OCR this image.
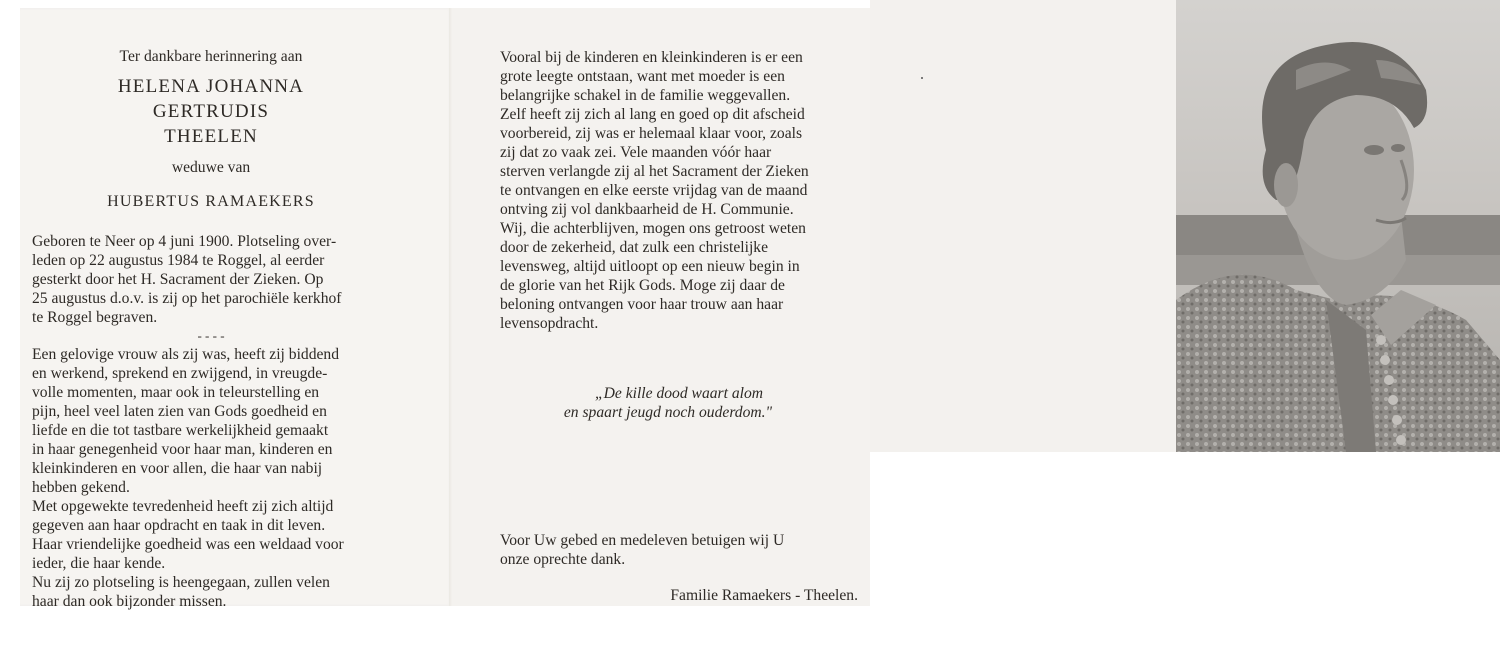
Ter dankbare herinnering aan

HELENA JOHANNA
GERTRUDIS
THEELEN

weduwe van

HUBERTUS RAMAEKERS

Geboren te Neer op 4 juni 1900. Plotseling over-

leden op 22 augustus 1984 te Roggel, al eerder

gesterkt door het H. Sacrament der Zieken. Op

25 augustus d.o.v. is zij op het parochiële kerkhof

te Roggel begraven.

- - - -

Een gelovige vrouw als zij was, heeft zij biddend

en werkend, sprekend en zwijgend, in vreugde-

volle momenten, maar ook in teleurstelling en

pijn, heel veel laten zien van Gods goedheid en

liefde en die tot tastbare werkelijkheid gemaakt

in haar genegenheid voor haar man, kinderen en

kleinkinderen en voor allen, die haar van nabij

hebben gekend.

Met opgewekte tevredenheid heeft zij zich altijd

gegeven aan haar opdracht en taak in dit leven.

Haar vriendelijke goedheid was een weldaad voor

ieder, die haar kende.

Nu zij zo plotseling is heengegaan, zullen velen

haar dan ook bijzonder missen.

Vooral bij de kinderen en kleinkinderen is er een

grote leegte ontstaan, want met moeder is een

belangrijke schakel in de familie weggevallen.

Zelf heeft zij zich al lang en goed op dit afscheid

voorbereid, zij was er helemaal klaar voor, zoals

zij dat zo vaak zei. Vele maanden vóór haar

sterven verlangde zij al het Sacrament der Zieken

te ontvangen en elke eerste vrijdag van de maand

ontving zij vol dankbaarheid de H. Communie.

Wij, die achterblijven, mogen ons getroost weten

door de zekerheid, dat zulk een christelijke

levensweg, altijd uitloopt op een nieuw begin in

de glorie van het Rijk Gods. Moge zij daar de

beloning ontvangen voor haar trouw aan haar

levensopdracht.

„De kille dood waart alom

en spaart jeugd noch ouderdom."

Voor Uw gebed en medeleven betuigen wij U

onze oprechte dank.

Familie Ramaekers - Theelen.
